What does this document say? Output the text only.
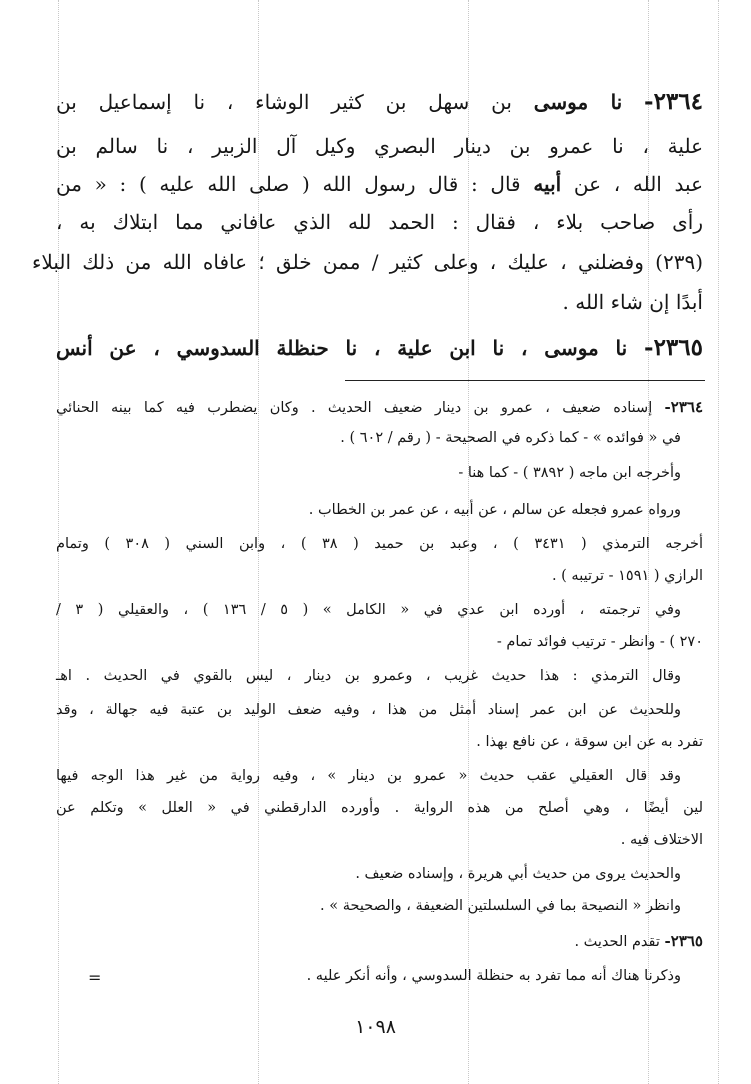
٢٣٦٤- نا موسى بن سهل بن كثير الوشاء ، نا إسماعيل بن
علية ، نا عمرو بن دينار البصري وكيل آل الزبير ، نا سالم بن
عبد الله ، عن أبيه قال : قال رسول الله ( صلى الله عليه ) : « من
رأى صاحب بلاء ، فقال : الحمد لله الذي عافاني مما ابتلاك به ،
(٢٣٩) وفضلني ، عليك ، وعلى كثير / ممن خلق ؛ عافاه الله من ذلك البلاء
أبدًا إن شاء الله .
٢٣٦٥- نا موسى ، نا ابن علية ، نا حنظلة السدوسي ، عن أنس
٢٣٦٤- إسناده ضعيف ، عمرو بن دينار ضعيف الحديث . وكان يضطرب فيه كما بينه الحنائي
في « فوائده » - كما ذكره في الصحيحة - ( رقم / ٦٠٢ ) .
وأخرجه ابن ماجه ( ٣٨٩٢ ) - كما هنا -
ورواه عمرو فجعله عن سالم ، عن أبيه ، عن عمر بن الخطاب .
أخرجه الترمذي ( ٣٤٣١ ) ، وعبد بن حميد ( ٣٨ ) ، وابن السني ( ٣٠٨ ) وتمام
الرازي ( ١٥٩١ - ترتيبه ) .
وفي ترجمته ، أورده ابن عدي في « الكامل » ( ٥ / ١٣٦ ) ، والعقيلي ( ٣ /
٢٧٠ ) - وانظر - ترتيب فوائد تمام -
وقال الترمذي : هذا حديث غريب ، وعمرو بن دينار ، ليس بالقوي في الحديث . اهـ
وللحديث عن ابن عمر إسناد أمثل من هذا ، وفيه ضعف الوليد بن عتبة فيه جهالة ، وقد
تفرد به عن ابن سوقة ، عن نافع بهذا .
وقد قال العقيلي عقب حديث « عمرو بن دينار » ، وفيه رواية من غير هذا الوجه فيها
لين أيضًا ، وهي أصلح من هذه الرواية . وأورده الدارقطني في « العلل » وتكلم عن
الاختلاف فيه .
والحديث يروى من حديث أبي هريرة ، وإسناده ضعيف .
وانظر « النصيحة بما في السلسلتين الضعيفة ، والصحيحة » .
٢٣٦٥- تقدم الحديث .
وذكرنا هناك أنه مما تفرد به حنظلة السدوسي ، وأنه أنكر عليه .
=
١٠٩٨
